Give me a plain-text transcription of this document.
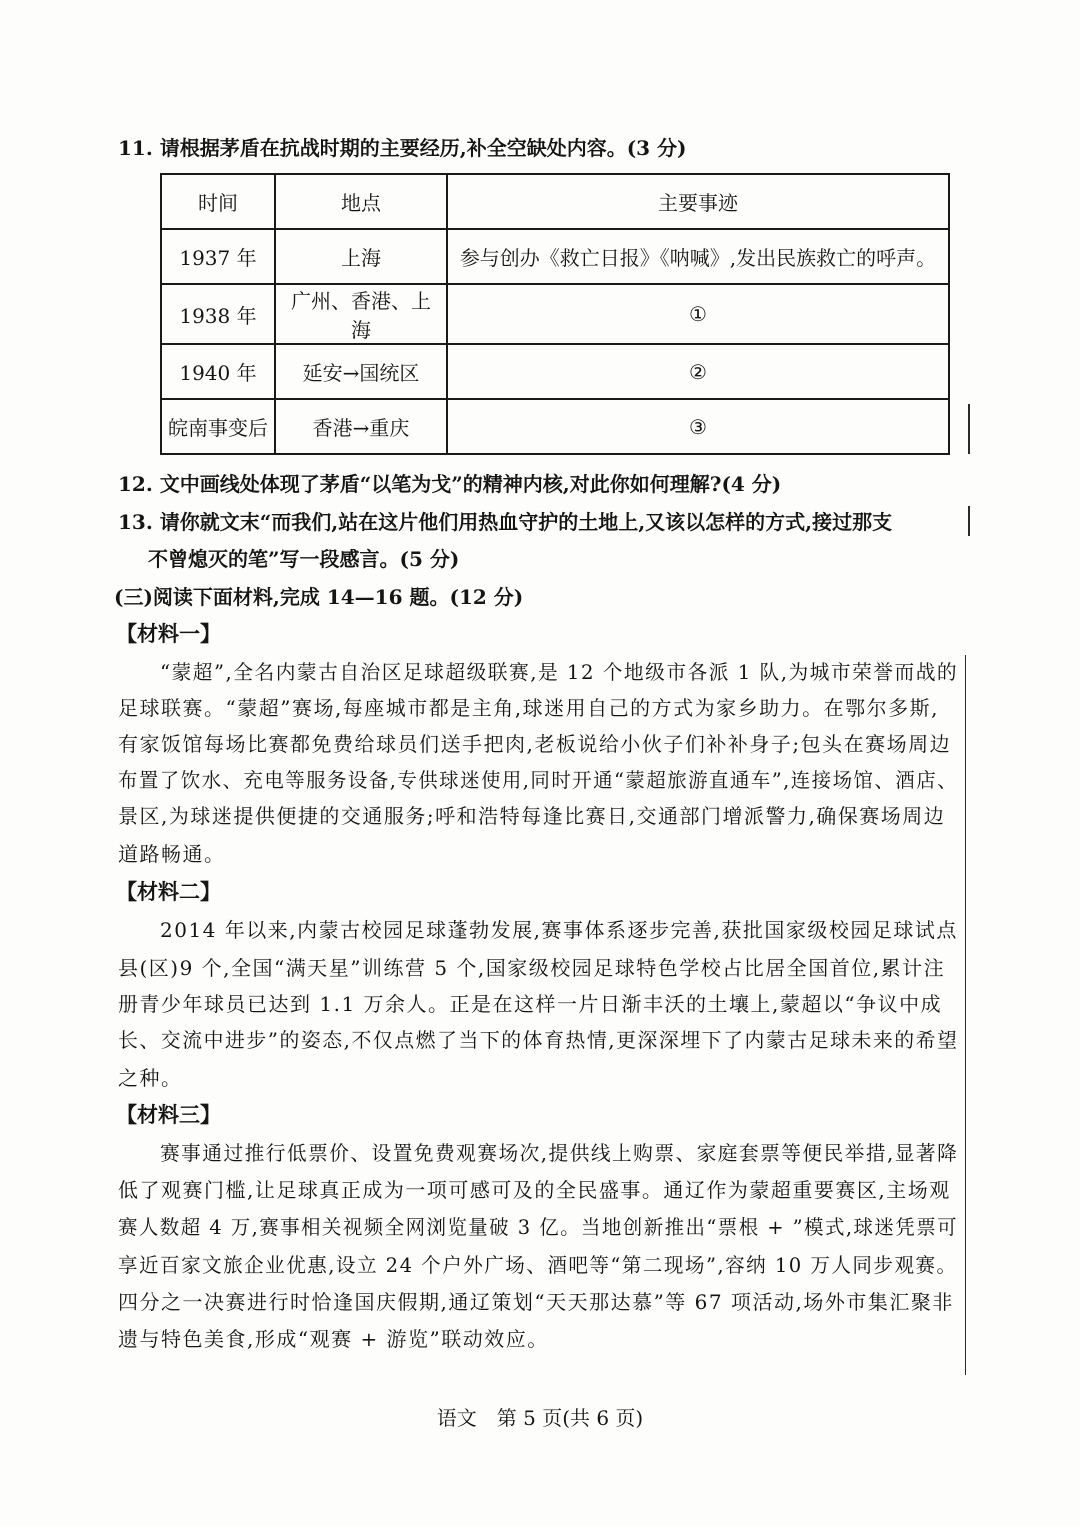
11. 请根据茅盾在抗战时期的主要经历,补全空缺处内容。(3 分)
时间	地点	主要事迹
1937 年	上海	参与创办《救亡日报》《呐喊》,发出民族救亡的呼声。
1938 年	广州、香港、上海	①
1940 年	延安→国统区	②
皖南事变后	香港→重庆	③
12. 文中画线处体现了茅盾“以笔为戈”的精神内核,对此你如何理解?(4 分)
13. 请你就文末“而我们,站在这片他们用热血守护的土地上,又该以怎样的方式,接过那支
不曾熄灭的笔”写一段感言。(5 分)
(三)阅读下面材料,完成 14—16 题。(12 分)
【材料一】
“蒙超”,全名内蒙古自治区足球超级联赛,是 12 个地级市各派 1 队,为城市荣誉而战的
足球联赛。“蒙超”赛场,每座城市都是主角,球迷用自己的方式为家乡助力。在鄂尔多斯,
有家饭馆每场比赛都免费给球员们送手把肉,老板说给小伙子们补补身子;包头在赛场周边
布置了饮水、充电等服务设备,专供球迷使用,同时开通“蒙超旅游直通车”,连接场馆、酒店、
景区,为球迷提供便捷的交通服务;呼和浩特每逢比赛日,交通部门增派警力,确保赛场周边
道路畅通。
【材料二】
2014 年以来,内蒙古校园足球蓬勃发展,赛事体系逐步完善,获批国家级校园足球试点
县(区)9 个,全国“满天星”训练营 5 个,国家级校园足球特色学校占比居全国首位,累计注
册青少年球员已达到 1.1 万余人。正是在这样一片日渐丰沃的土壤上,蒙超以“争议中成
长、交流中进步”的姿态,不仅点燃了当下的体育热情,更深深埋下了内蒙古足球未来的希望
之种。
【材料三】
赛事通过推行低票价、设置免费观赛场次,提供线上购票、家庭套票等便民举措,显著降
低了观赛门槛,让足球真正成为一项可感可及的全民盛事。通辽作为蒙超重要赛区,主场观
赛人数超 4 万,赛事相关视频全网浏览量破 3 亿。当地创新推出“票根 + ”模式,球迷凭票可
享近百家文旅企业优惠,设立 24 个户外广场、酒吧等“第二现场”,容纳 10 万人同步观赛。
四分之一决赛进行时恰逢国庆假期,通辽策划“天天那达慕”等 67 项活动,场外市集汇聚非
遗与特色美食,形成“观赛 + 游览”联动效应。
语文　第 5 页(共 6 页)
